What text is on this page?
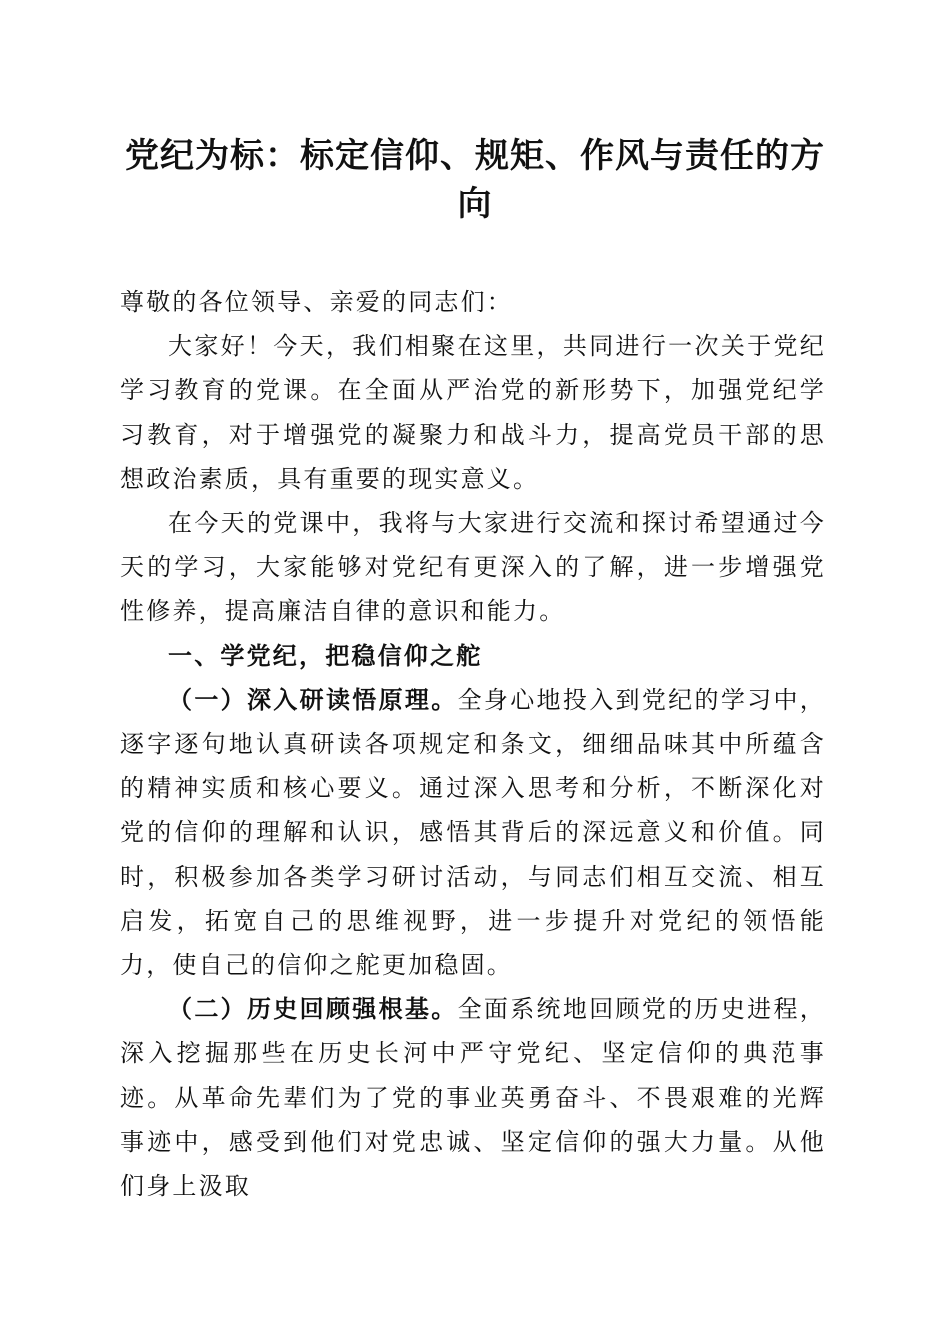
党纪为标：标定信仰、规矩、作风与责任的方
向

尊敬的各位领导、亲爱的同志们：

大家好！今天，我们相聚在这里，共同进行一次关于党纪学习教育的党课。在全面从严治党的新形势下，加强党纪学习教育，对于增强党的凝聚力和战斗力，提高党员干部的思想政治素质，具有重要的现实意义。

在今天的党课中，我将与大家进行交流和探讨希望通过今天的学习，大家能够对党纪有更深入的了解，进一步增强党性修养，提高廉洁自律的意识和能力。

一、学党纪，把稳信仰之舵

（一）深入研读悟原理。全身心地投入到党纪的学习中，逐字逐句地认真研读各项规定和条文，细细品味其中所蕴含的精神实质和核心要义。通过深入思考和分析，不断深化对党的信仰的理解和认识，感悟其背后的深远意义和价值。同时，积极参加各类学习研讨活动，与同志们相互交流、相互启发，拓宽自己的思维视野，进一步提升对党纪的领悟能力，使自己的信仰之舵更加稳固。

（二）历史回顾强根基。全面系统地回顾党的历史进程，深入挖掘那些在历史长河中严守党纪、坚定信仰的典范事迹。从革命先辈们为了党的事业英勇奋斗、不畏艰难的光辉事迹中，感受到他们对党忠诚、坚定信仰的强大力量。从他们身上汲取
